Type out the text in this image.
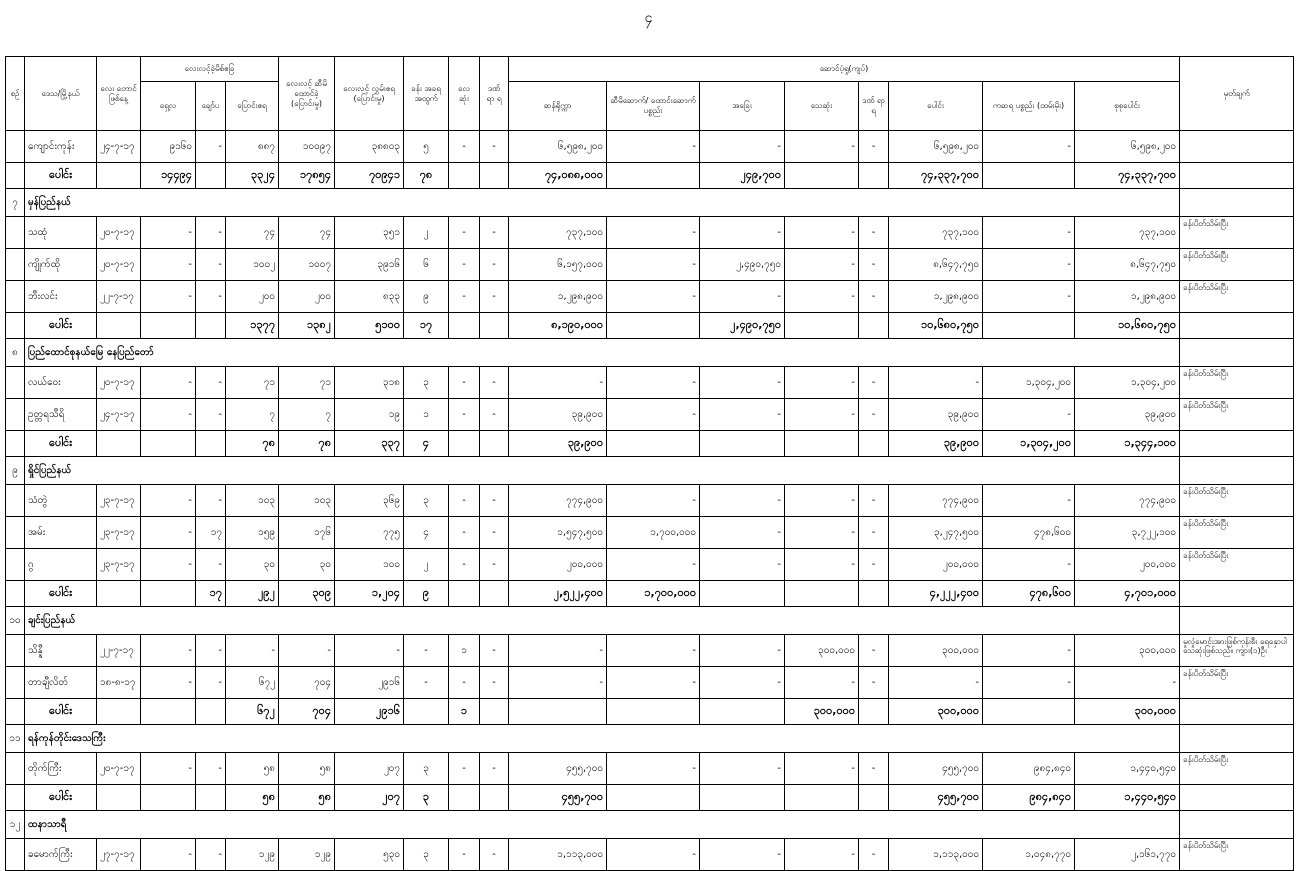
၄
စဉ်	ဒေသ/မြို့နယ်	လေး တောင် ဖြစ်နေ့	လေးလင့်ခဲ့မိစ်ဧခြ			လေးလင့် ဆီမိ ထောင်ခဲ့ (ပြောင်းမှု)	လေးလင့် လွှမ်းဧရ (ပြောင်းမှု)	ခန်း အခရ အထွက်	လေ ဆုံး	ဒဏ် ရာ ရ	ဆောင်ပံ့ရှု(ကျပ်)								မှတ်ချက်
			ရှေ့လ	ချော်ပ	ပြောင်းဧရ						ဆန်ရိုက္ကာ	ဆီမိဆောက်/ ထောင်းဆောက် ပစ္စည်း	အခြေး	သေဆုံး	ဒဏ် ရာ ရ	ပေါင်း	ကဆရ ပစ္စည်း (ထမ်းမိုး)	စုစုပေါင်း	
	ကျောင်းကုန်း	၂၄-၇-၁၇	၉၁၆၀	-	၈၈၇	၁၀၀၉၇	၃၈၈၀၃	၅	-	-	၆,၅၉၈,၂၀၀	-	-	-	-	၆,၅၉၈,၂၀၀	-	၆,၅၉၈,၂၀၀	
	ပေါင်း		၁၄၄၉၄		၃၃၂၄	၁၇၈၅၄	၇၀၉၄၁	၇၈			၇၄,၀၈၈,၀၀၀		၂၄၉,၇၀၀			၇၄,၃၃၇,၇၀၀		၇၄,၃၃၇,၇၀၀	
၇	မှန်ပြည်နယ်																		
	သထုံ	၂၀-၇-၁၇	-	-	၇၄	၇၄	၃၅၁	၂	-	-	၇၃၇,၁၀၀	-	-	-	-	၇၃၇,၁၀၀	-	၇၃၇,၁၀၀	ခန်းပိတ်သိမ်းပြီး
	ကျိုက်ထို	၂၀-၇-၁၇	-	-	၁၀၀၂	၁၀၀၇	၃၉၁၆	၆	-	-	၆,၁၅၇,၀၀၀	-	၂,၄၉၀,၇၅၀	-	-	၈,၆၄၇,၇၅၀	-	၈,၆၄၇,၇၅၀	ခန်းပိတ်သိမ်းပြီး
	ဘီးလင်း	၂၂-၇-၁၇	-	-	၂၀၀	၂၀၀	၈၃၃	၉	-	-	၁,၂၉၈,၉၀၀	-	-	-	-	၁,၂၉၈,၉၀၀	-	၁,၂၉၈,၉၀၀	ခန်းပိတ်သိမ်းပြီး
	ပေါင်း				၁၃၇၇	၁၃၈၂	၅၁၀၀	၁၇			၈,၁၉၀,၀၀၀		၂,၄၉၀,၇၅၀			၁၀,၆၈၀,၇၅၀		၁၀,၆၈၀,၇၅၀	
၈	ပြည်ထောင်စုနယ်မြေ နေပြည်တော်																		
	လယ်ဝေး	၂၀-၇-၁၇	-	-	၇၁	၇၁	၃၁၈	၃	-	-	-	-	-	-	-	-	၁,၃၀၄,၂၀၀	၁,၃၀၄,၂၀၀	ခန်းပိတ်သိမ်းပြီး
	ဥတ္တရသီရိ	၂၄-၇-၁၇	-	-	၇	၇	၁၉	၁	-	-	၃၉,၉၀၀	-	-	-	-	၃၉,၉၀၀	-	၃၉,၉၀၀	ခန်းပိတ်သိမ်းပြီး
	ပေါင်း				၇၈	၇၈	၃၃၇	၄			၃၉,၉၀၀					၃၉,၉၀၀	၁,၃၀၄,၂၀၀	၁,၃၄၄,၁၀၀	
၉	ရှိုင်ပြည်နယ်																		
	သံတွဲ	၂၃-၇-၁၇	-	-	၁၀၃	၁၀၃	၃၆၉	၃	-	-	၇၇၄,၉၀၀	-	-	-	-	၇၇၄,၉၀၀	-	၇၇၄,၉၀၀	ခန်းပိတ်သိမ်းပြီး
	အမ်း	၂၃-၇-၁၇	-	၁၇	၁၅၉	၁၇၆	၇၇၅	၄	-	-	၁,၅၄၇,၅၀၀	၁,၇၀၀,၀၀၀	-	-	-	၃,၂၄၇,၅၀၀	၄၇၈,၆၀၀	၃,၇၂၂,၁၀၀	ခန်းပိတ်သိမ်းပြီး
	ဂွ	၂၃-၇-၁၇	-	-	၃၀	၃၀	၁၀၀	၂	-	-	၂၀၀,၀၀၀	-	-	-	-	၂၀၀,၀၀၀	-	၂၀၀,၀၀၀	ခန်းပိတ်သိမ်းပြီး
	ပေါင်း			၁၇	၂၉၂	၃၀၉	၁,၂၀၄	၉			၂,၅၂၂,၄၀၀	၁,၇၀၀,၀၀၀				၄,၂၂၂,၄၀၀	၄၇၈,၆၀၀	၄,၇၀၁,၀၀၀	
၁၀	ချင်းပြည်နယ်																		
	သိန္နီ	၂၂-၇-၁၇	-	-	-	-	-	-	၁	-	-	-	-	၃၀၀,၀၀၀	-	၃၀၀,၀၀၀	-	၃၀၀,၀၀၀	မှုလှုံမောင်းအားဖြစ်ကုန်းစီး ရေနှောပါ သေဆုံးဖြစ်သည်။ ကျား(၁)ဦး
	တာချီလိတ်	၁၈-၈-၁၇	-	-	၆၇၂	၇၀၄	၂၉၁၆	-	-	-	-	-	-	-	-	-	-	-	ခန်းပိတ်သိမ်းပြီး
	ပေါင်း				၆၇၂	၇၀၄	၂၉၁၆		၁					၃၀၀,၀၀၀		၃၀၀,၀၀၀		၃၀၀,၀၀၀	
၁၁	ရန်ကုန်တိုင်းဒေသကြီး																		
	တိုက်ကြီး	၂၀-၇-၁၇	-	-	၅၈	၅၈	၂၀၇	၃	-	-	၄၅၅,၇၀၀	-	-	-	-	၄၅၅,၇၀၀	၉၈၄,၈၄၀	၁,၄၄၀,၅၄၀	ခန်းပိတ်သိမ်းပြီး
	ပေါင်း				၅၈	၅၈	၂၀၇	၃			၄၅၅,၇၀၀					၄၅၅,၇၀၀	၉၈၄,၈၄၀	၁,၄၄၀,၅၄၀	
၁၂	ထနာသာရီ																		
	ခမောက်ကြီး	၂၇-၇-၁၇	-	-	၁၂၉	၁၂၉	၅၃၀	၃	-	-	၁,၁၁၃,၀၀၀	-	-	-	-	၁,၁၁၃,၀၀၀	၁,၀၄၈,၇၇၀	၂,၁၆၁,၇၇၀	ခန်းပိတ်သိမ်းပြီး
